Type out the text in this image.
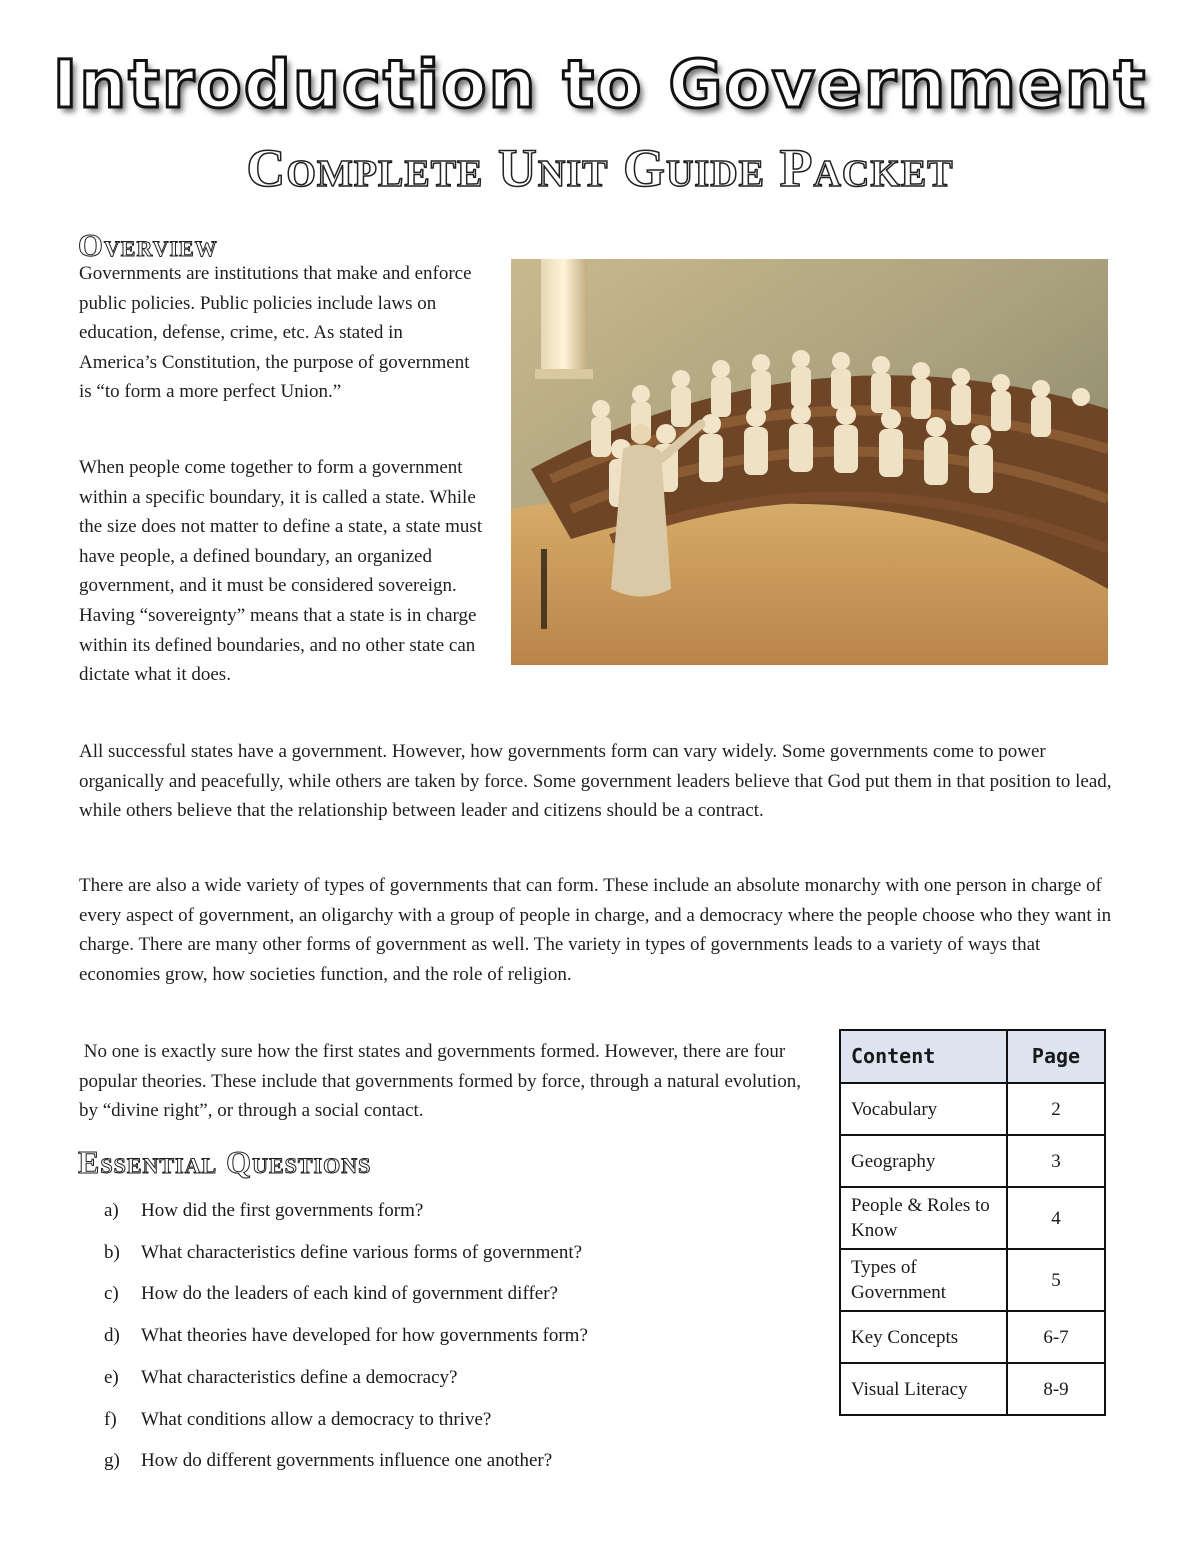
Introduction to Government
Complete Unit Guide Packet
Overview

Governments are institutions that make and enforce public policies. Public policies include laws on education, defense, crime, etc. As stated in America’s Constitution, the purpose of government is “to form a more perfect Union.”

When people come together to form a government within a specific boundary, it is called a state. While the size does not matter to define a state, a state must have people, a defined boundary, an organized government, and it must be considered sovereign. Having “sovereignty” means that a state is in charge within its defined boundaries, and no other state can dictate what it does.

All successful states have a government. However, how governments form can vary widely. Some governments come to power organically and peacefully, while others are taken by force. Some government leaders believe that God put them in that position to lead, while others believe that the relationship between leader and citizens should be a contract.

There are also a wide variety of types of governments that can form. These include an absolute monarchy with one person in charge of every aspect of government, an oligarchy with a group of people in charge, and a democracy where the people choose who they want in charge. There are many other forms of government as well. The variety in types of governments leads to a variety of ways that economies grow, how societies function, and the role of religion.

No one is exactly sure how the first states and governments formed. However, there are four popular theories. These include that governments formed by force, through a natural evolution, by “divine right”, or through a social contact.

Essential Questions
a) How did the first governments form?
b) What characteristics define various forms of government?
c) How do the leaders of each kind of government differ?
d) What theories have developed for how governments form?
e) What characteristics define a democracy?
f) What conditions allow a democracy to thrive?
g) How do different governments influence one another?
Content	Page
Vocabulary	2
Geography	3
People & Roles to Know	4
Types of Government	5
Key Concepts	6-7
Visual Literacy	8-9
